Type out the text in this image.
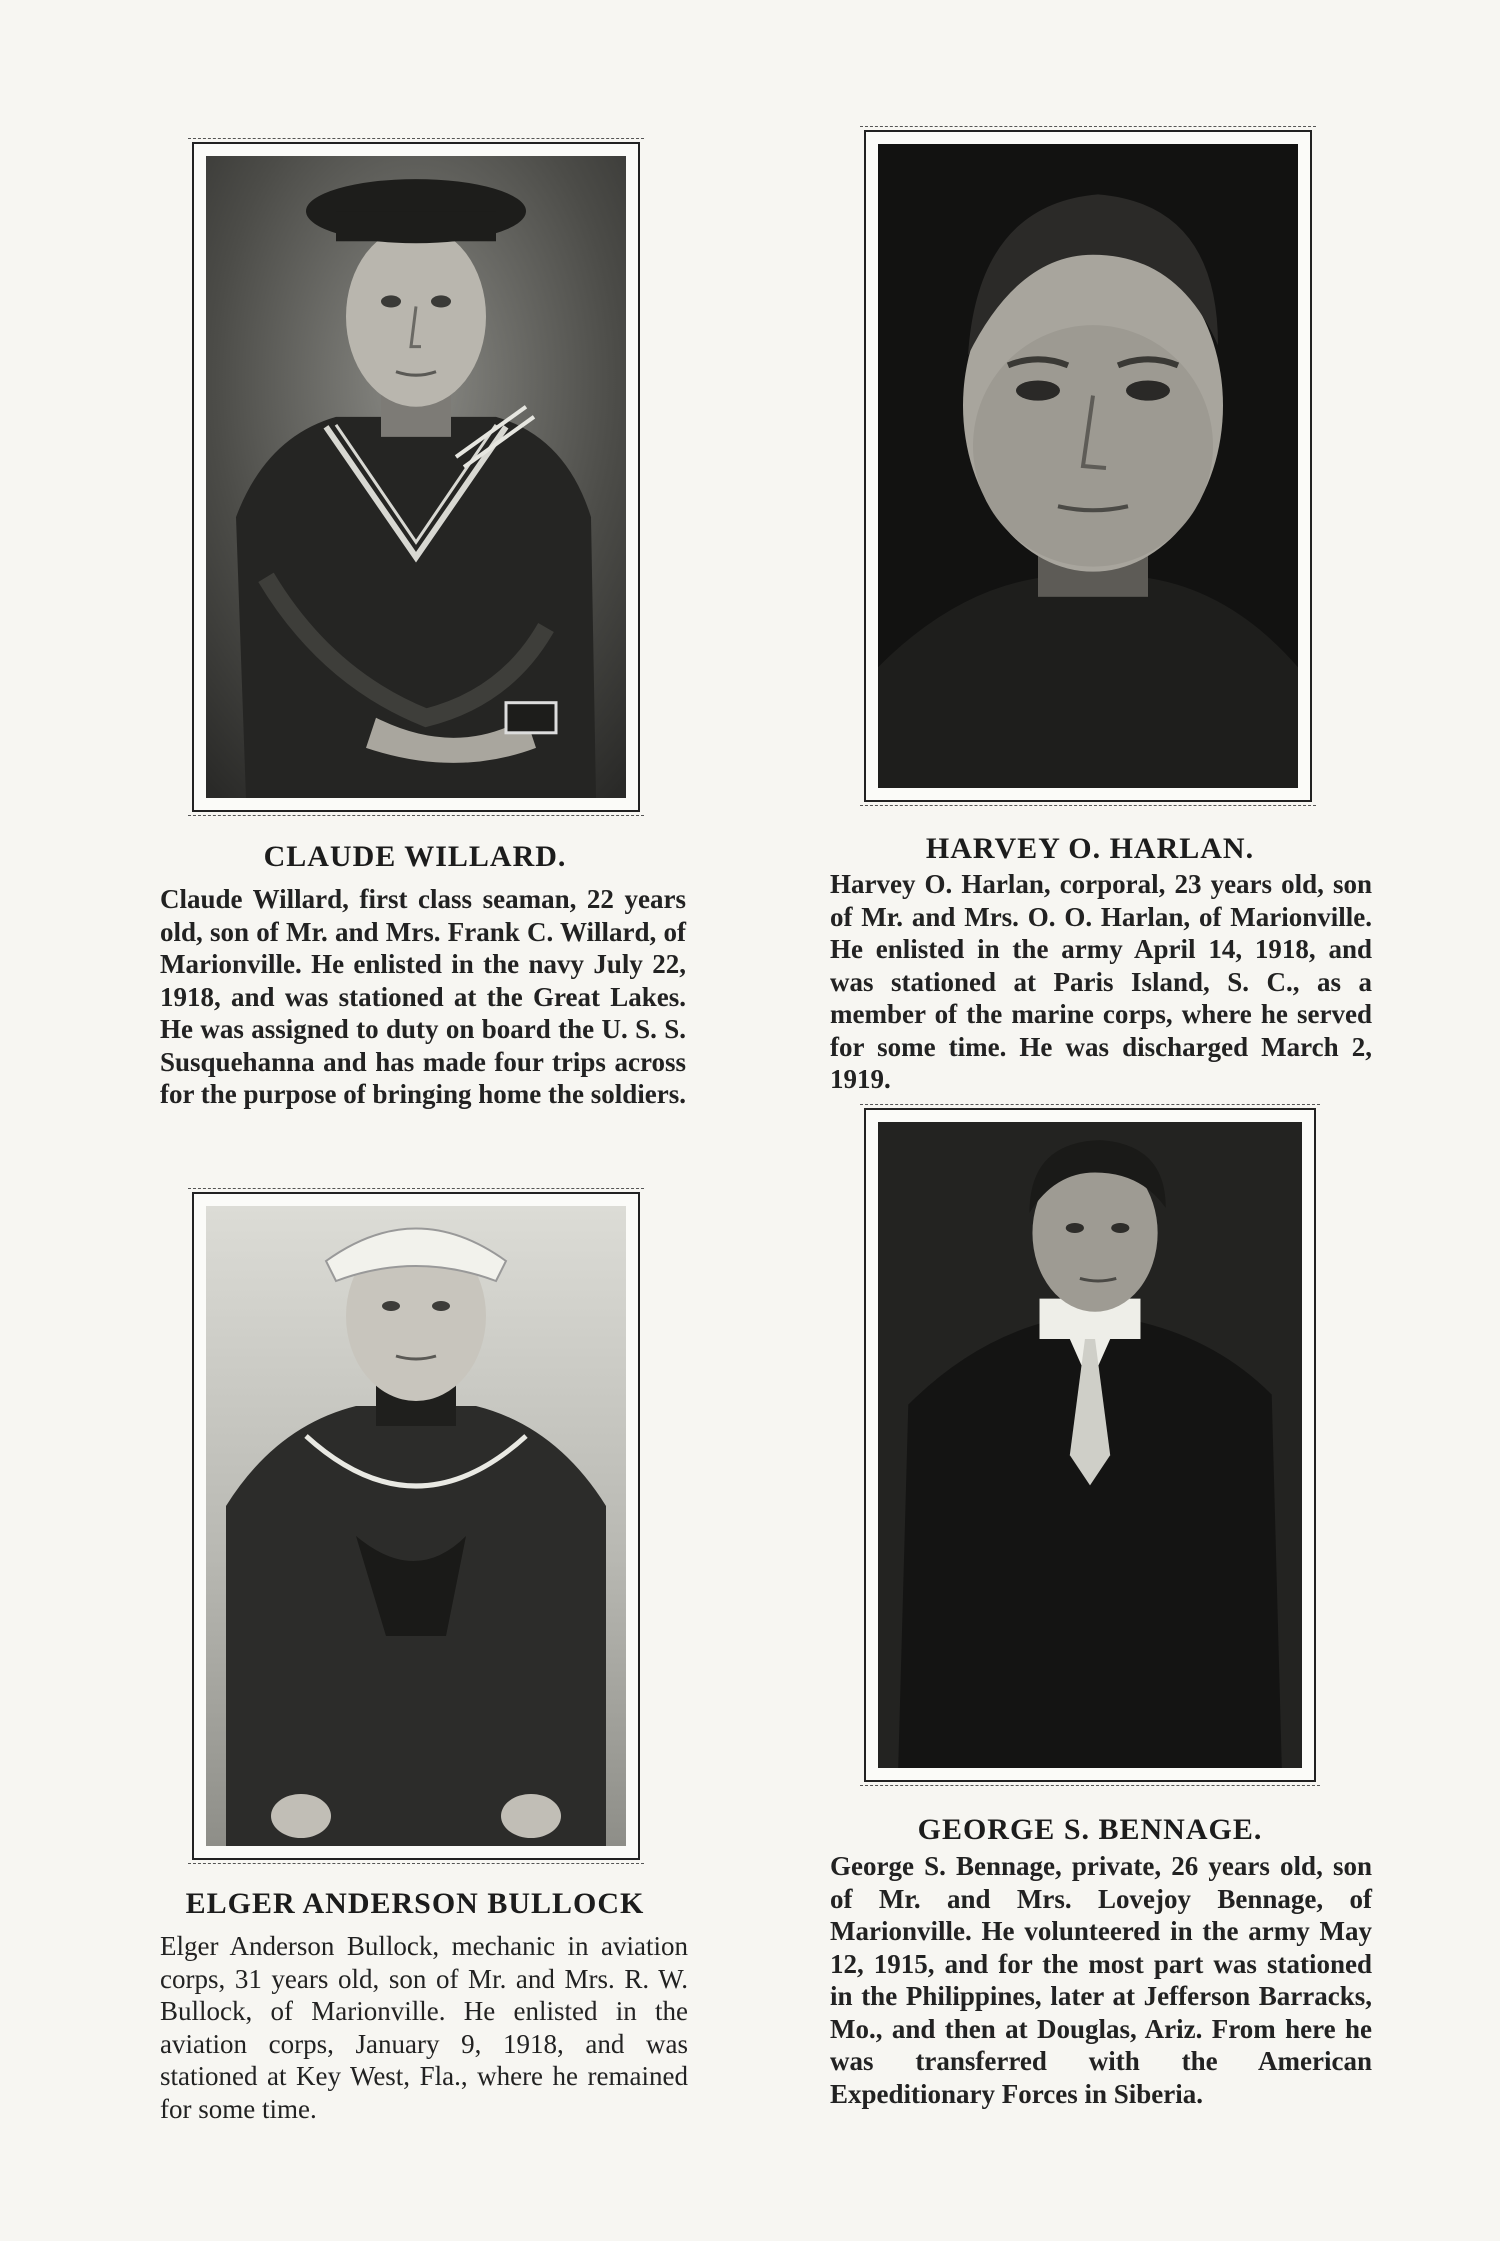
CLAUDE WILLARD.

Claude Willard, first class seaman, 22 years old, son of Mr. and Mrs. Frank C. Willard, of Marionville. He enlisted in the navy July 22, 1918, and was stationed at the Great Lakes. He was assigned to duty on board the U. S. S. Susquehanna and has made four trips across for the purpose of bringing home the soldiers.

HARVEY O. HARLAN.

Harvey O. Harlan, corporal, 23 years old, son of Mr. and Mrs. O. O. Harlan, of Marionville. He enlisted in the army April 14, 1918, and was stationed at Paris Island, S. C., as a member of the marine corps, where he served for some time. He was discharged March 2, 1919.

ELGER ANDERSON BULLOCK

Elger Anderson Bullock, mechanic in aviation corps, 31 years old, son of Mr. and Mrs. R. W. Bullock, of Marionville. He enlisted in the aviation corps, January 9, 1918, and was stationed at Key West, Fla., where he remained for some time.

GEORGE S. BENNAGE.

George S. Bennage, private, 26 years old, son of Mr. and Mrs. Lovejoy Bennage, of Marionville. He volunteered in the army May 12, 1915, and for the most part was stationed in the Philippines, later at Jefferson Barracks, Mo., and then at Douglas, Ariz. From here he was transferred with the American Expeditionary Forces in Siberia.
